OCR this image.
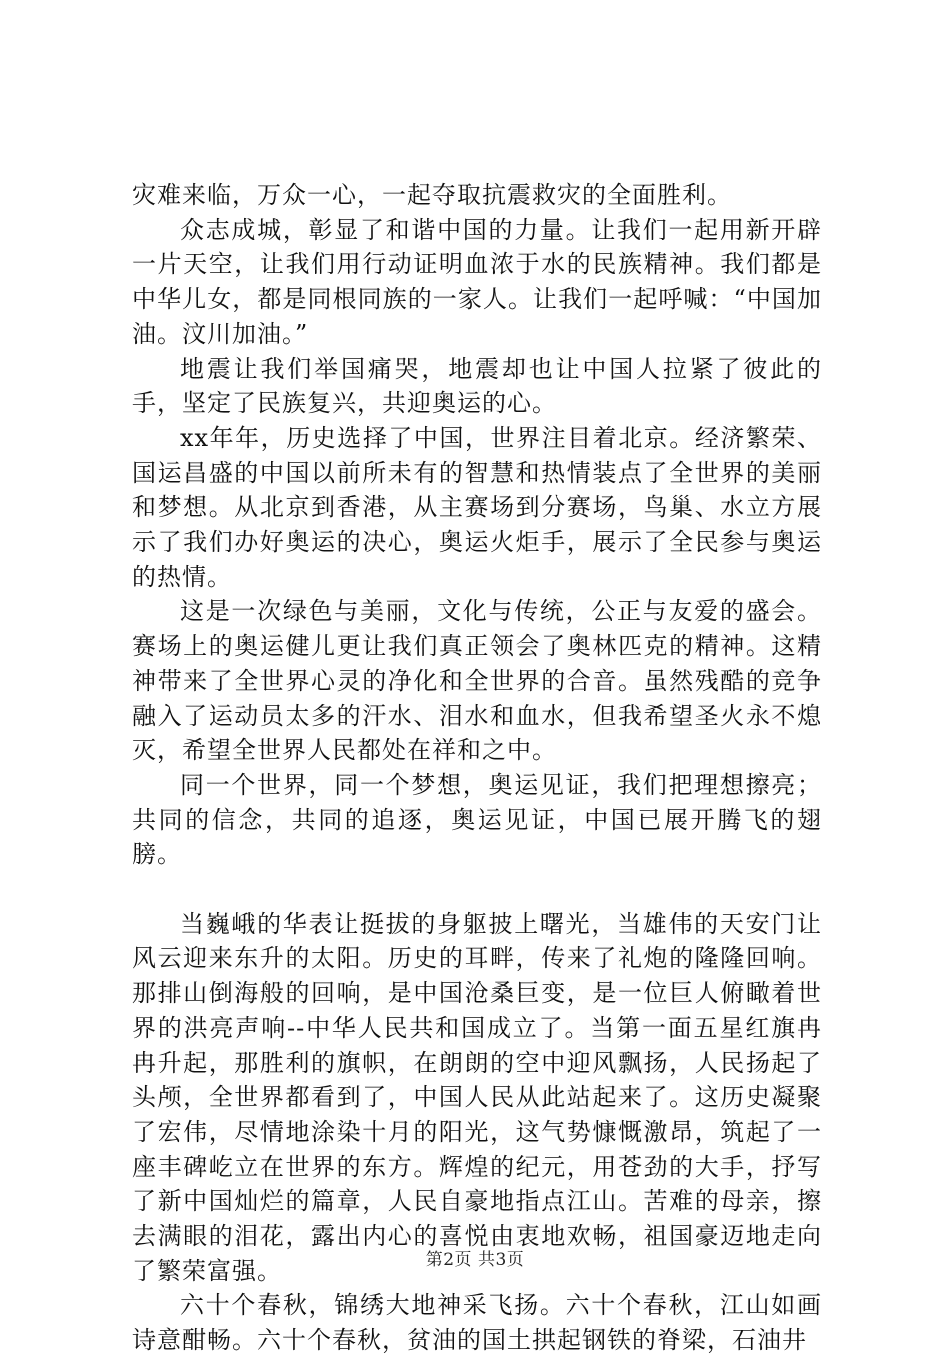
灾难来临，万众一心，一起夺取抗震救灾的全面胜利。

众志成城，彰显了和谐中国的力量。让我们一起用新开辟一片天空，让我们用行动证明血浓于水的民族精神。我们都是中华儿女，都是同根同族的一家人。让我们一起呼喊：“中国加油。汶川加油。”

地震让我们举国痛哭，地震却也让中国人拉紧了彼此的手，坚定了民族复兴，共迎奥运的心。

xx年年，历史选择了中国，世界注目着北京。经济繁荣、国运昌盛的中国以前所未有的智慧和热情装点了全世界的美丽和梦想。从北京到香港，从主赛场到分赛场，鸟巢、水立方展示了我们办好奥运的决心，奥运火炬手，展示了全民参与奥运的热情。

这是一次绿色与美丽，文化与传统，公正与友爱的盛会。赛场上的奥运健儿更让我们真正领会了奥林匹克的精神。这精神带来了全世界心灵的净化和全世界的合音。虽然残酷的竞争融入了运动员太多的汗水、泪水和血水，但我希望圣火永不熄灭，希望全世界人民都处在祥和之中。

同一个世界，同一个梦想，奥运见证，我们把理想擦亮；共同的信念，共同的追逐，奥运见证，中国已展开腾飞的翅膀。

当巍峨的华表让挺拔的身躯披上曙光，当雄伟的天安门让风云迎来东升的太阳。历史的耳畔，传来了礼炮的隆隆回响。那排山倒海般的回响，是中国沧桑巨变，是一位巨人俯瞰着世界的洪亮声响--中华人民共和国成立了。当第一面五星红旗冉冉升起，那胜利的旗帜，在朗朗的空中迎风飘扬，人民扬起了头颅，全世界都看到了，中国人民从此站起来了。这历史凝聚了宏伟，尽情地涂染十月的阳光，这气势慷慨激昂，筑起了一座丰碑屹立在世界的东方。辉煌的纪元，用苍劲的大手，抒写了新中国灿烂的篇章，人民自豪地指点江山。苦难的母亲，擦去满眼的泪花，露出内心的喜悦由衷地欢畅，祖国豪迈地走向了繁荣富强。

六十个春秋，锦绣大地神采飞扬。六十个春秋，江山如画诗意酣畅。六十个春秋，贫油的国土拱起钢铁的脊梁，石油井

第2页 共3页
